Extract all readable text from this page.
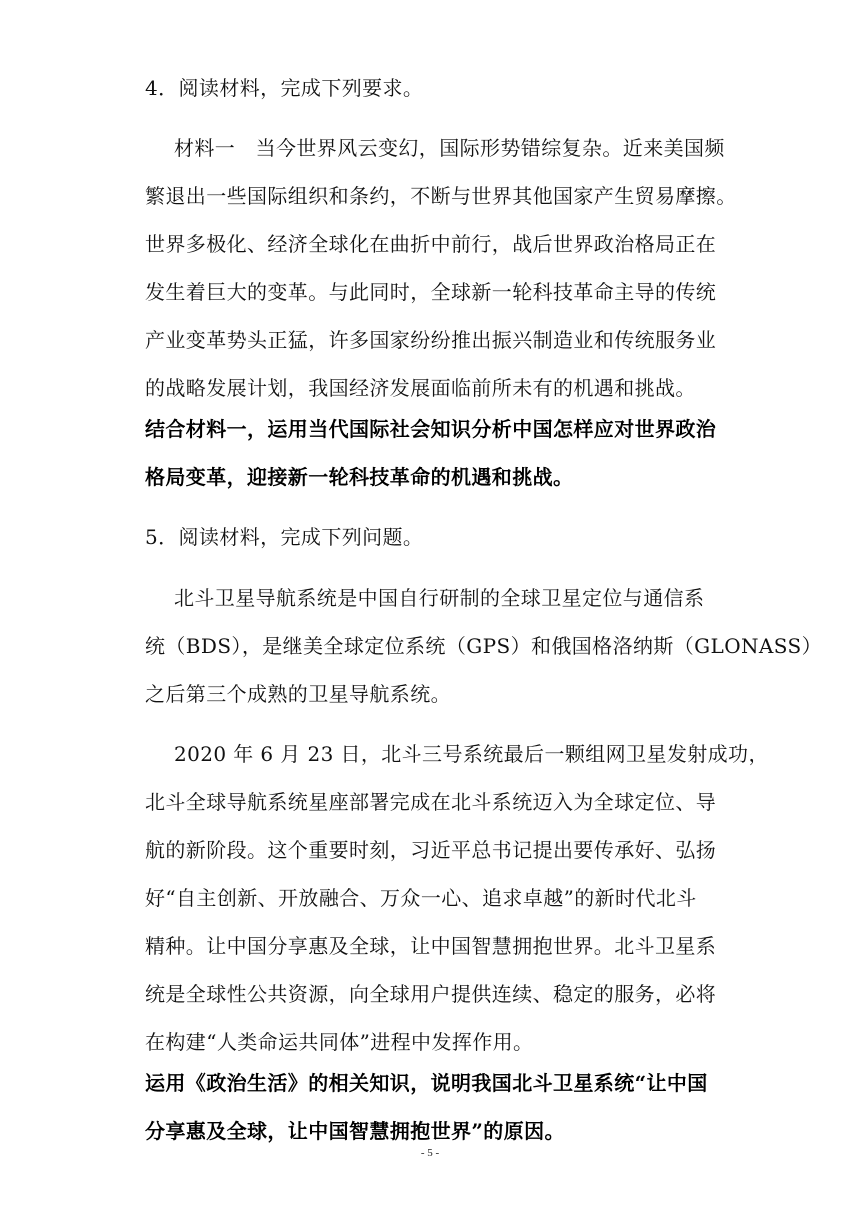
4．阅读材料，完成下列要求。
材料一　当今世界风云变幻，国际形势错综复杂。近来美国频
繁退出一些国际组织和条约，不断与世界其他国家产生贸易摩擦。
世界多极化、经济全球化在曲折中前行，战后世界政治格局正在
发生着巨大的变革。与此同时，全球新一轮科技革命主导的传统
产业变革势头正猛，许多国家纷纷推出振兴制造业和传统服务业
的战略发展计划，我国经济发展面临前所未有的机遇和挑战。
结合材料一，运用当代国际社会知识分析中国怎样应对世界政治
格局变革，迎接新一轮科技革命的机遇和挑战。
5．阅读材料，完成下列问题。
北斗卫星导航系统是中国自行研制的全球卫星定位与通信系
统（BDS），是继美全球定位系统（GPS）和俄国格洛纳斯（GLONASS）
之后第三个成熟的卫星导航系统。
2020 年 6 月 23 日，北斗三号系统最后一颗组网卫星发射成功，
北斗全球导航系统星座部署完成在北斗系统迈入为全球定位、导
航的新阶段。这个重要时刻，习近平总书记提出要传承好、弘扬
好“自主创新、开放融合、万众一心、追求卓越”的新时代北斗
精种。让中国分享惠及全球，让中国智慧拥抱世界。北斗卫星系
统是全球性公共资源，向全球用户提供连续、稳定的服务，必将
在构建“人类命运共同体”进程中发挥作用。
运用《政治生活》的相关知识，说明我国北斗卫星系统“让中国
分享惠及全球，让中国智慧拥抱世界”的原因。
- 5 -
